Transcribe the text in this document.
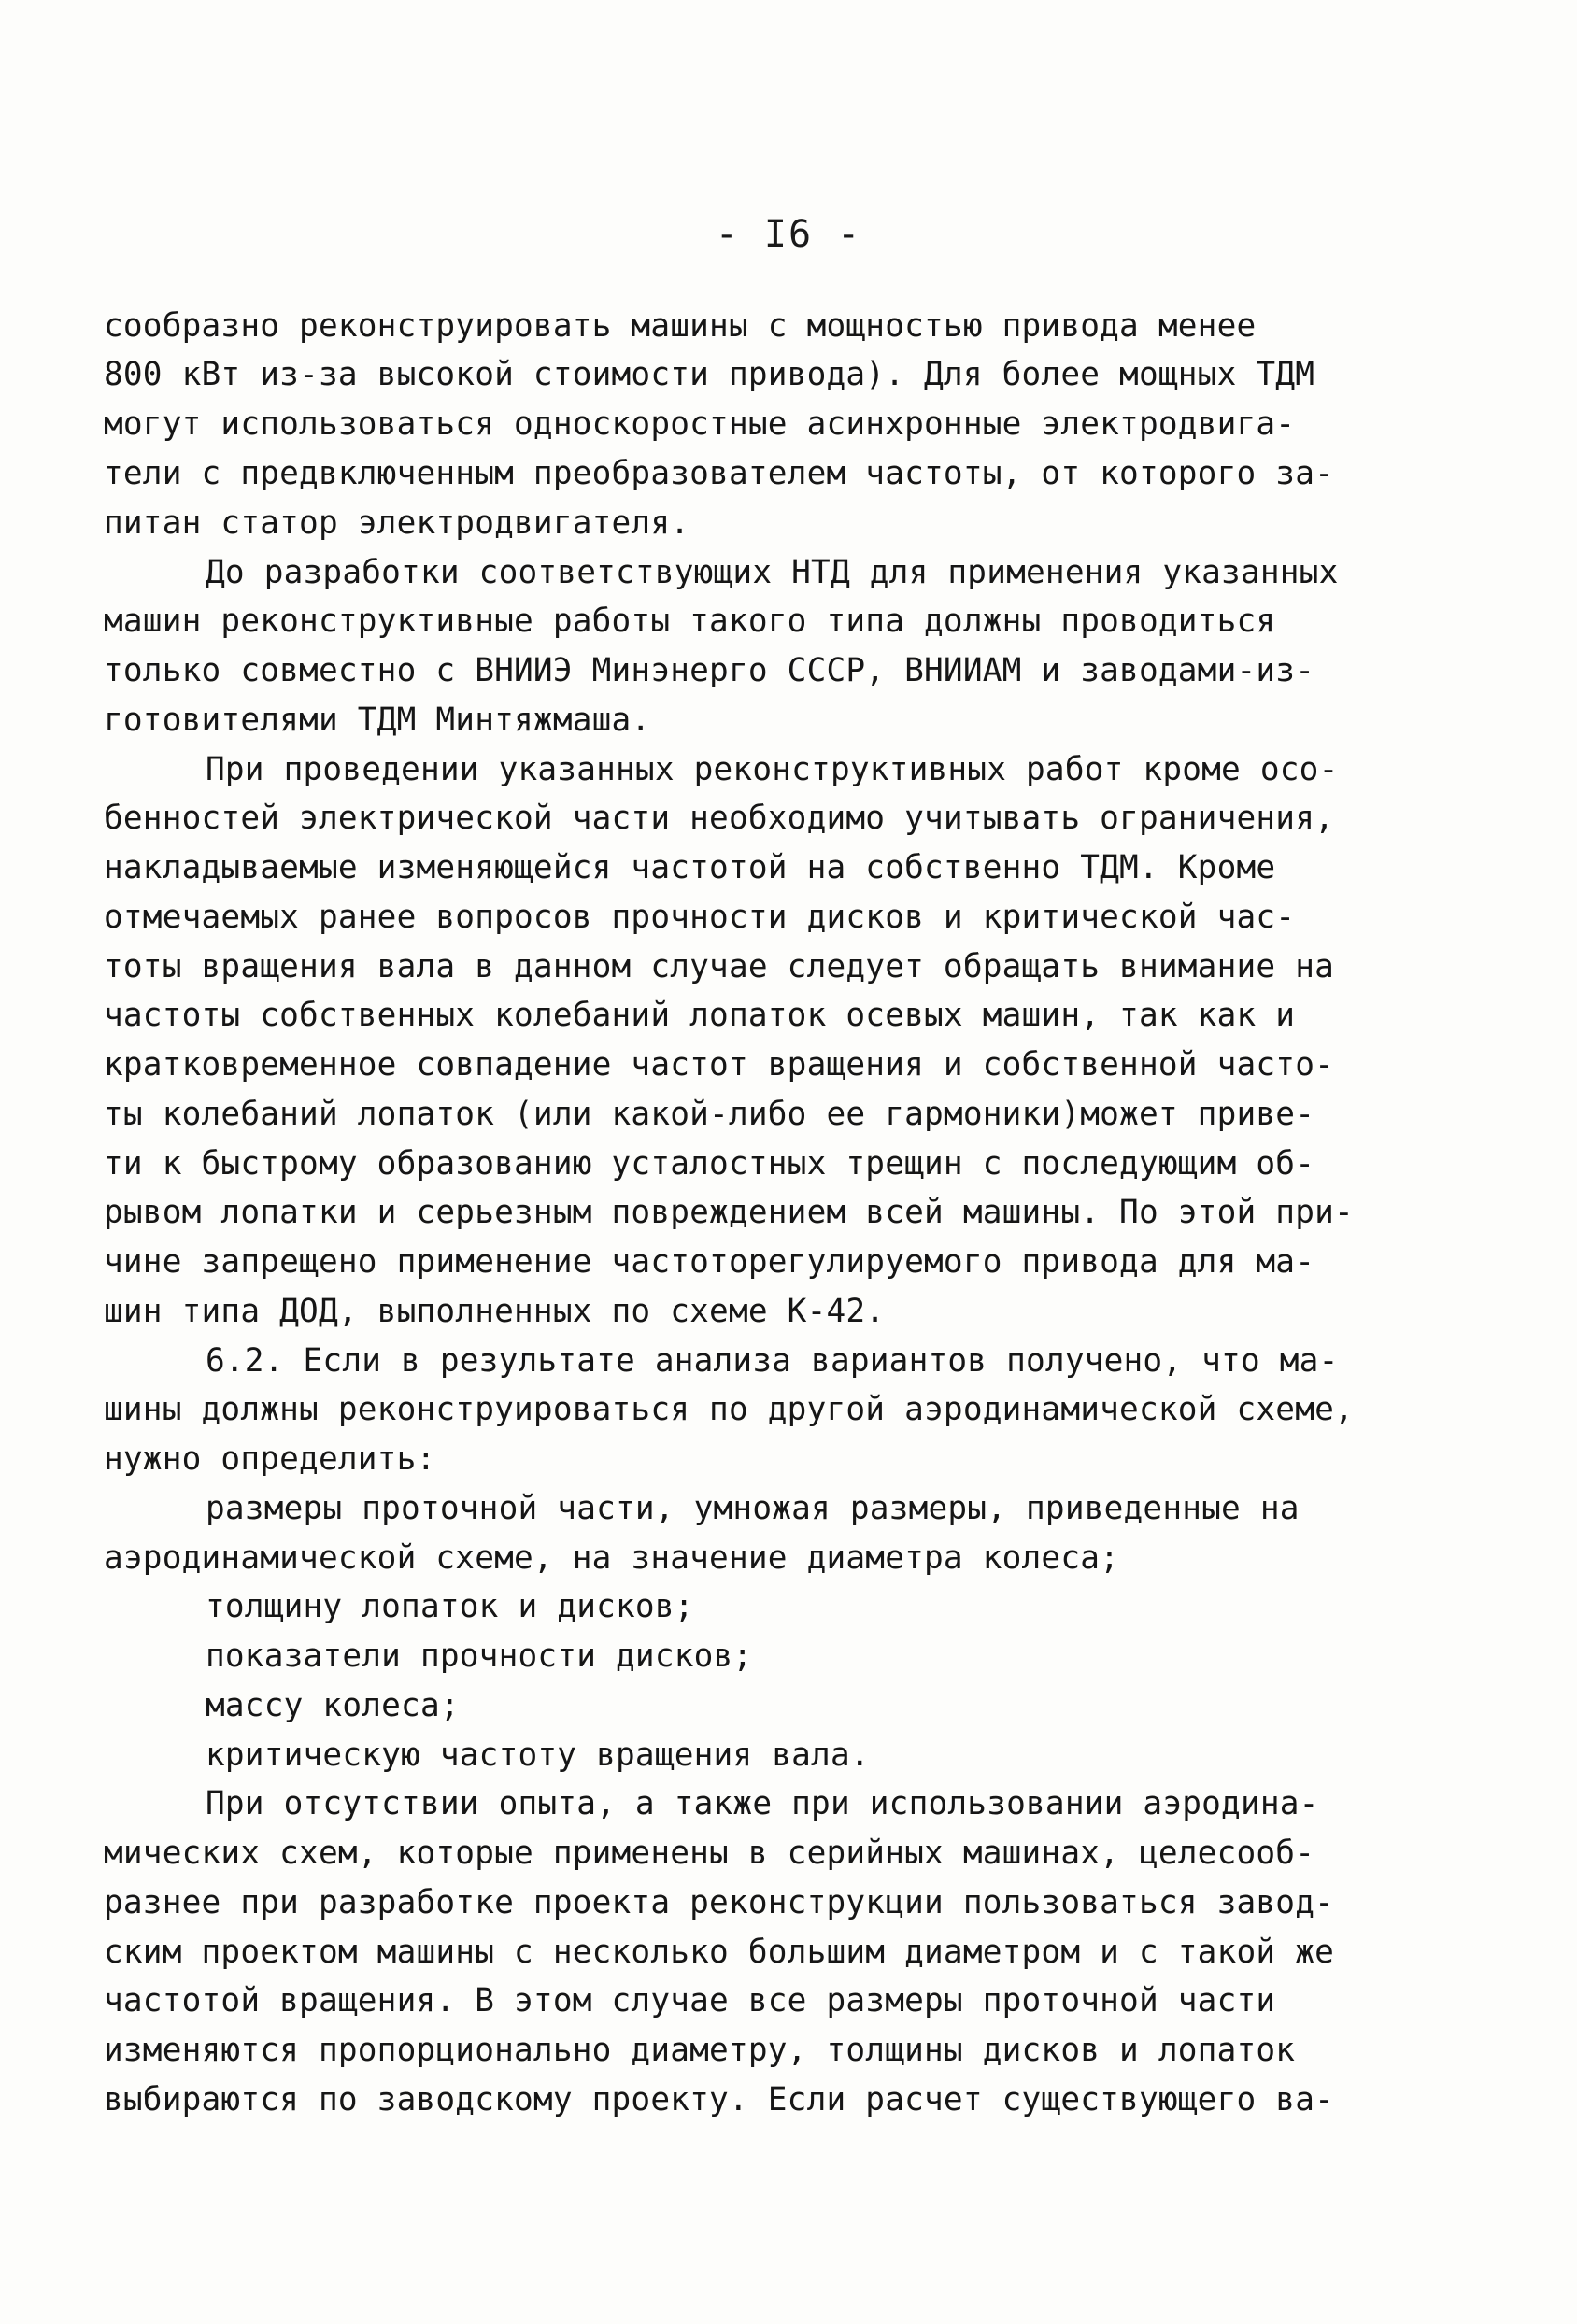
- I6 -
сообразно реконструировать машины с мощностью привода менее
800 кВт из-за высокой стоимости привода). Для более мощных ТДМ
могут использоваться односкоростные асинхронные электродвига-
тели с предвключенным преобразователем частоты, от которого за-
питан статор электродвигателя.
До разработки соответствующих НТД для применения указанных
машин реконструктивные работы такого типа должны проводиться
только совместно с ВНИИЭ Минэнерго СССР, ВНИИАМ и заводами-из-
готовителями ТДМ Минтяжмаша.
При проведении указанных реконструктивных работ кроме осо-
бенностей электрической части необходимо учитывать ограничения,
накладываемые изменяющейся частотой на собственно ТДМ. Кроме
отмечаемых ранее вопросов прочности дисков и критической час-
тоты вращения вала в данном случае следует обращать внимание на
частоты собственных колебаний лопаток осевых машин, так как и
кратковременное совпадение частот вращения и собственной часто-
ты колебаний лопаток (или какой-либо ее гармоники)может приве-
ти к быстрому образованию усталостных трещин с последующим об-
рывом лопатки и серьезным повреждением всей машины. По этой при-
чине запрещено применение частоторегулируемого привода для ма-
шин типа ДОД, выполненных по схеме К-42.
6.2. Если в результате анализа вариантов получено, что ма-
шины должны реконструироваться по другой аэродинамической схеме,
нужно определить:
размеры проточной части, умножая размеры, приведенные на
аэродинамической схеме, на значение диаметра колеса;
толщину лопаток и дисков;
показатели прочности дисков;
массу колеса;
критическую частоту вращения вала.
При отсутствии опыта, а также при использовании аэродина-
мических схем, которые применены в серийных машинах, целесооб-
разнее при разработке проекта реконструкции пользоваться завод-
ским проектом машины с несколько большим диаметром и с такой же
частотой вращения. В этом случае все размеры проточной части
изменяются пропорционально диаметру, толщины дисков и лопаток
выбираются по заводскому проекту. Если расчет существующего ва-
